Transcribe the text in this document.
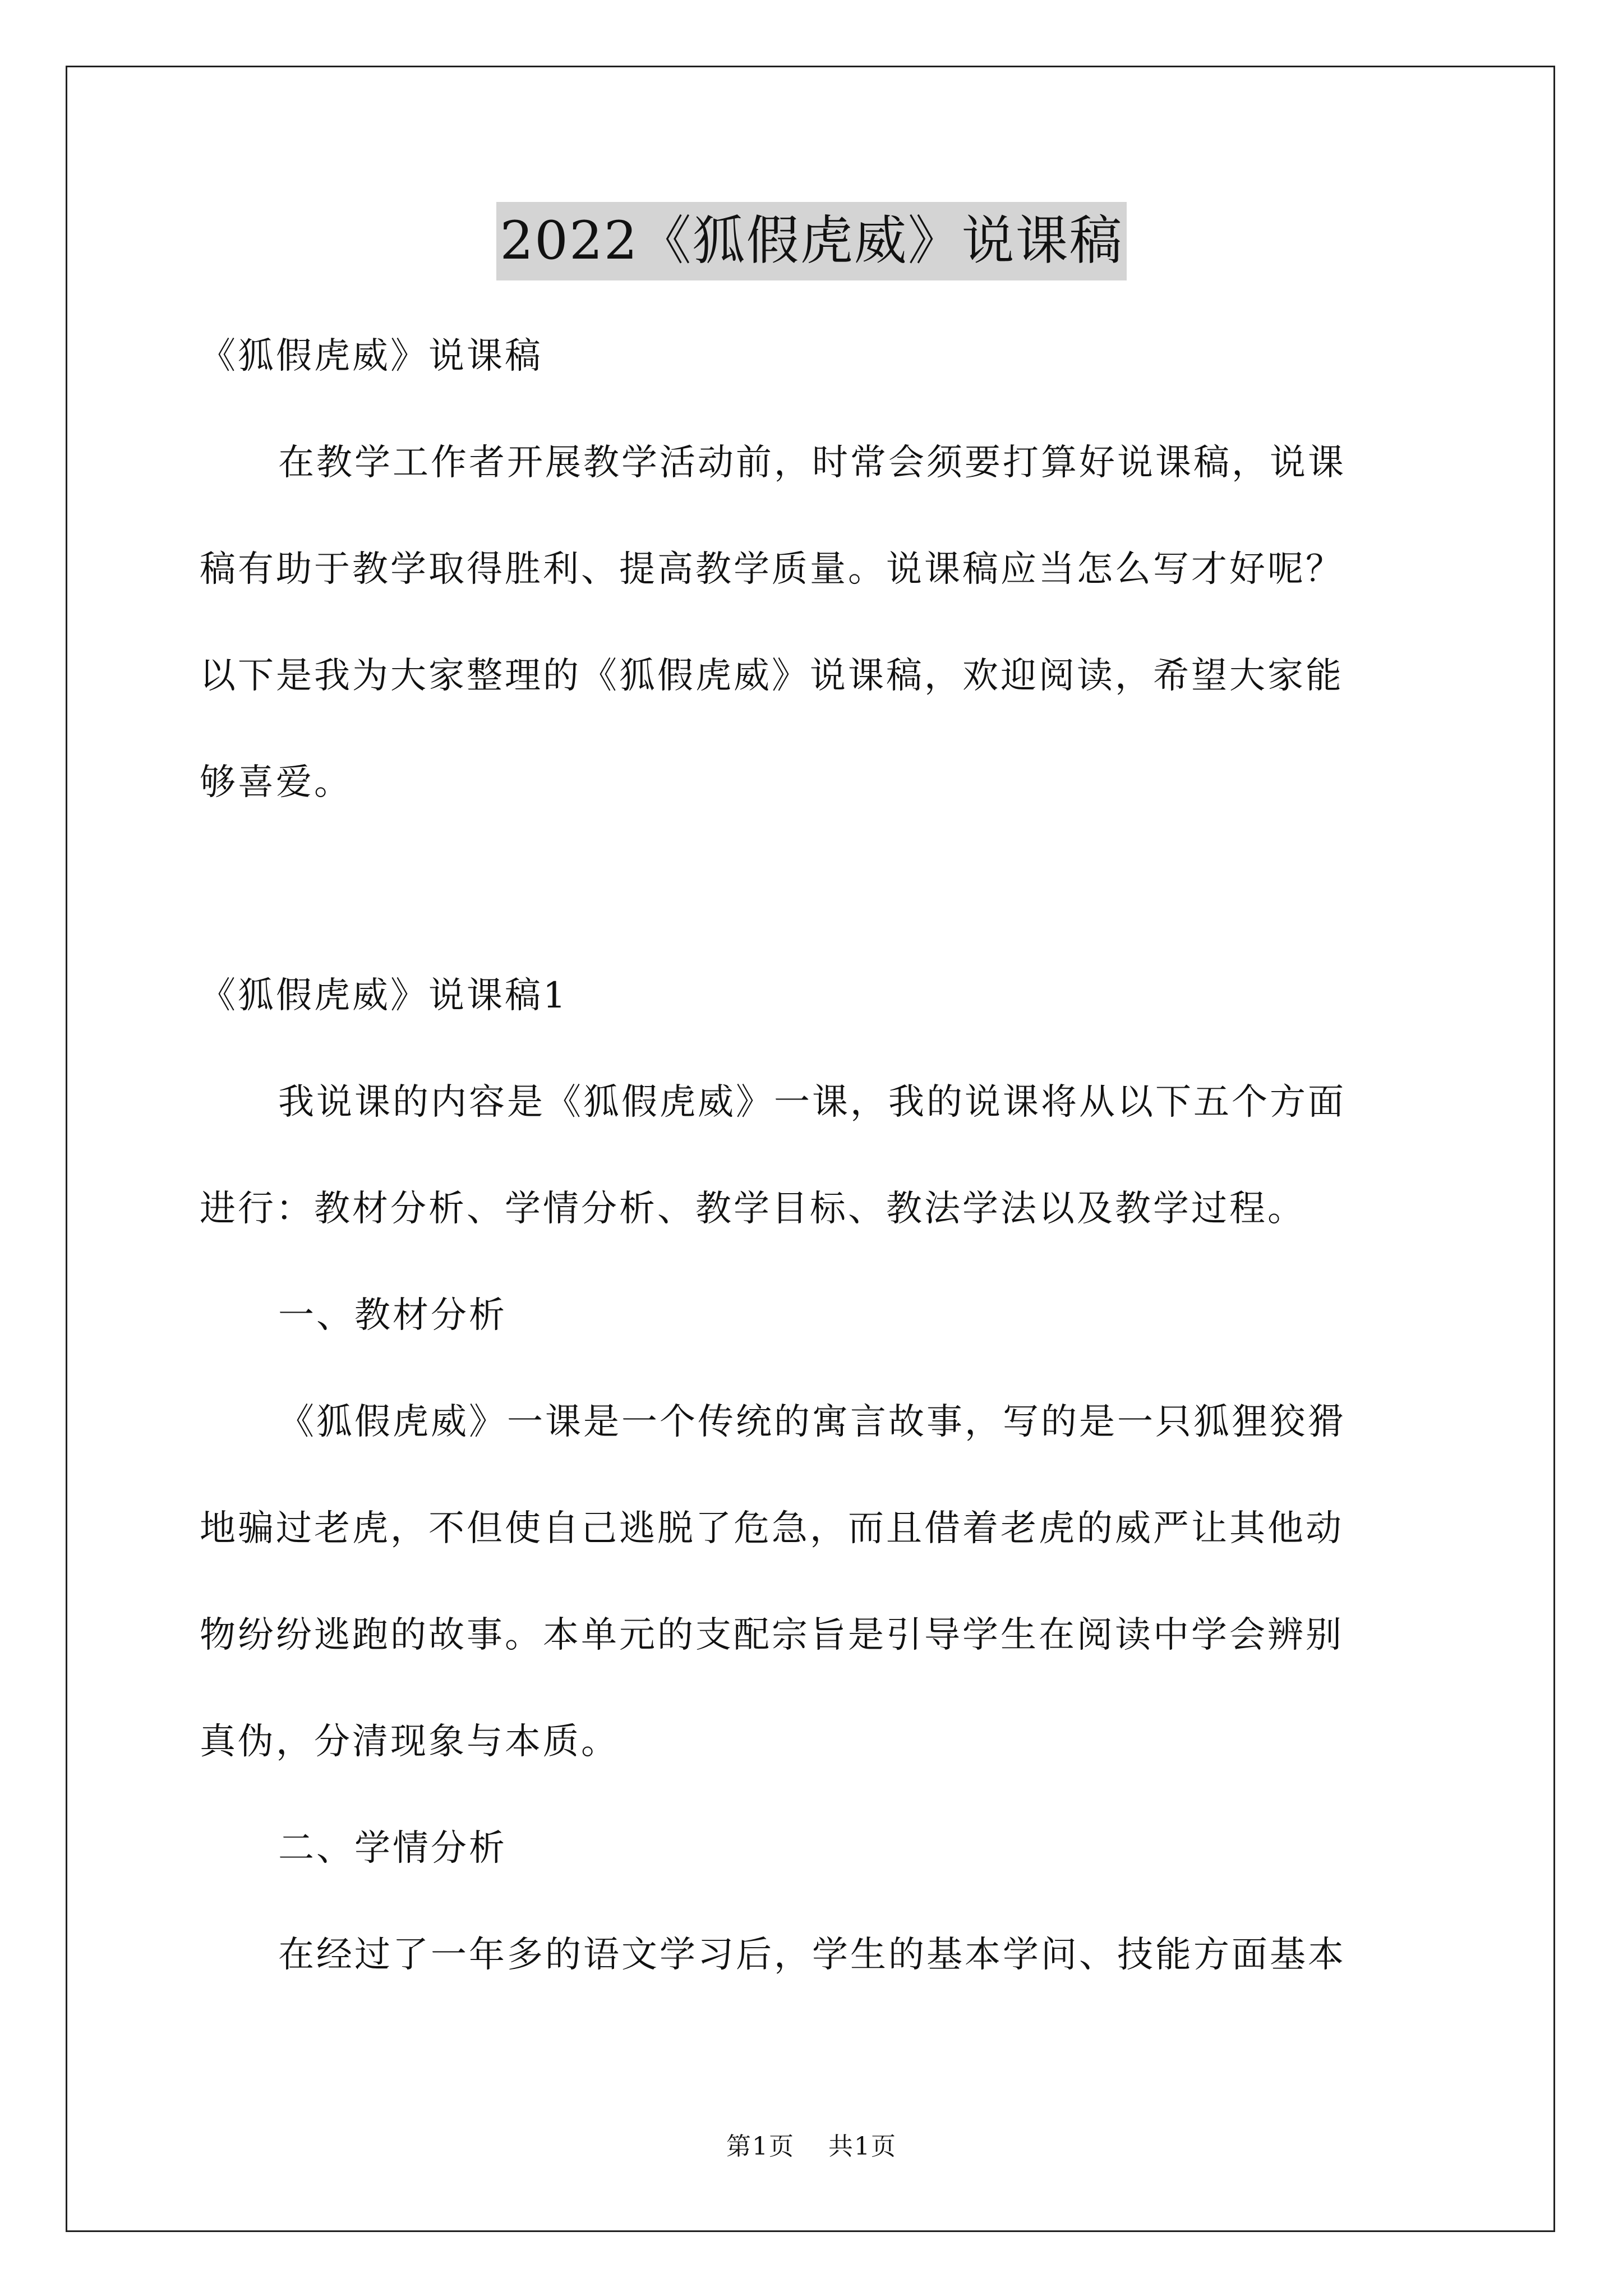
2022《狐假虎威》说课稿
《狐假虎威》说课稿
在教学工作者开展教学活动前，时常会须要打算好说课稿，说课
稿有助于教学取得胜利、提高教学质量。说课稿应当怎么写才好呢？
以下是我为大家整理的《狐假虎威》说课稿，欢迎阅读，希望大家能
够喜爱。
《狐假虎威》说课稿1
我说课的内容是《狐假虎威》一课，我的说课将从以下五个方面
进行：教材分析、学情分析、教学目标、教法学法以及教学过程。
一、教材分析
《狐假虎威》一课是一个传统的寓言故事，写的是一只狐狸狡猾
地骗过老虎，不但使自己逃脱了危急，而且借着老虎的威严让其他动
物纷纷逃跑的故事。本单元的支配宗旨是引导学生在阅读中学会辨别
真伪，分清现象与本质。
二、学情分析
在经过了一年多的语文学习后，学生的基本学问、技能方面基本
第1页 共1页
